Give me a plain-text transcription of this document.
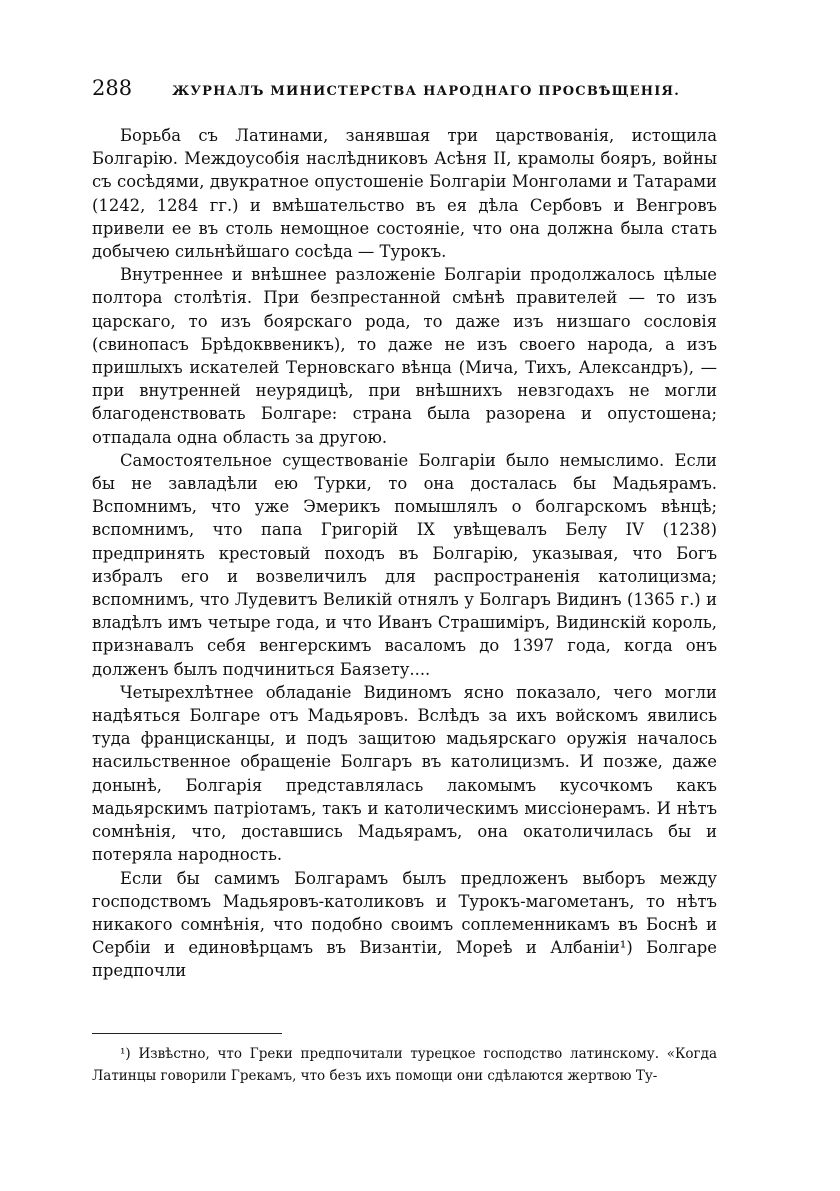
288	ЖУРНАЛЪ МИНИСТЕРСТВА НАРОДНАГО ПРОСВѢЩЕНІЯ.

Борьба съ Латинами, занявшая три царствованія, истощила Болгарію. Междоусобія наслѣдниковъ Асѣня II, крамолы бояръ, войны съ сосѣдями, двукратное опустошеніе Болгаріи Монголами и Татарами (1242, 1284 гг.) и вмѣшательство въ ея дѣла Сербовъ и Венгровъ привели ее въ столь немощное состояніе, что она должна была стать добычею сильнѣйшаго сосѣда — Турокъ.

Внутреннее и внѣшнее разложеніе Болгаріи продолжалось цѣлые полтора столѣтія. При безпрестанной смѣнѣ правителей — то изъ царскаго, то изъ боярскаго рода, то даже изъ низшаго сословія (свинопасъ Брѣдокввеникъ), то даже не изъ своего народа, а изъ пришлыхъ искателей Терновскаго вѣнца (Мича, Тихъ, Александръ), — при внутренней неурядицѣ, при внѣшнихъ невзгодахъ не могли благоденствовать Болгаре: страна была разорена и опустошена; отпадала одна область за другою.

Самостоятельное существованіе Болгаріи было немыслимо. Если бы не завладѣли ею Турки, то она досталась бы Мадьярамъ. Вспомнимъ, что уже Эмерикъ помышлялъ о болгарскомъ вѣнцѣ; вспомнимъ, что папа Григорій IX увѣщевалъ Белу IV (1238) предпринять крестовый походъ въ Болгарію, указывая, что Богъ избралъ его и возвеличилъ для распространенія католицизма; вспомнимъ, что Лудевитъ Великій отнялъ у Болгаръ Видинъ (1365 г.) и владѣлъ имъ четыре года, и что Иванъ Страшимiръ, Видинскій король, признавалъ себя венгерскимъ васаломъ до 1397 года, когда онъ долженъ былъ подчиниться Баязету....

Четырехлѣтнее обладаніе Видиномъ ясно показало, чего могли надѣяться Болгаре отъ Мадьяровъ. Вслѣдъ за ихъ войскомъ явились туда францисканцы, и подъ защитою мадьярскаго оружія началось насильственное обращеніе Болгаръ въ католицизмъ. И позже, даже донынѣ, Болгарія представлялась лакомымъ кусочкомъ какъ мадьярскимъ патріотамъ, такъ и католическимъ миссіонерамъ. И нѣтъ сомнѣнія, что, доставшись Мадьярамъ, она окатоличилась бы и потеряла народность.

Если бы самимъ Болгарамъ былъ предложенъ выборъ между господствомъ Мадьяровъ-католиковъ и Турокъ-магометанъ, то нѣтъ никакого сомнѣнія, что подобно своимъ соплеменникамъ въ Боснѣ и Сербіи и единовѣрцамъ въ Византіи, Мореѣ и Албаніи¹) Болгаре предпочли

¹) Извѣстно, что Греки предпочитали турецкое господство латинскому. «Когда Латинцы говорили Грекамъ, что безъ ихъ помощи они сдѣлаются жертвою Ту-
